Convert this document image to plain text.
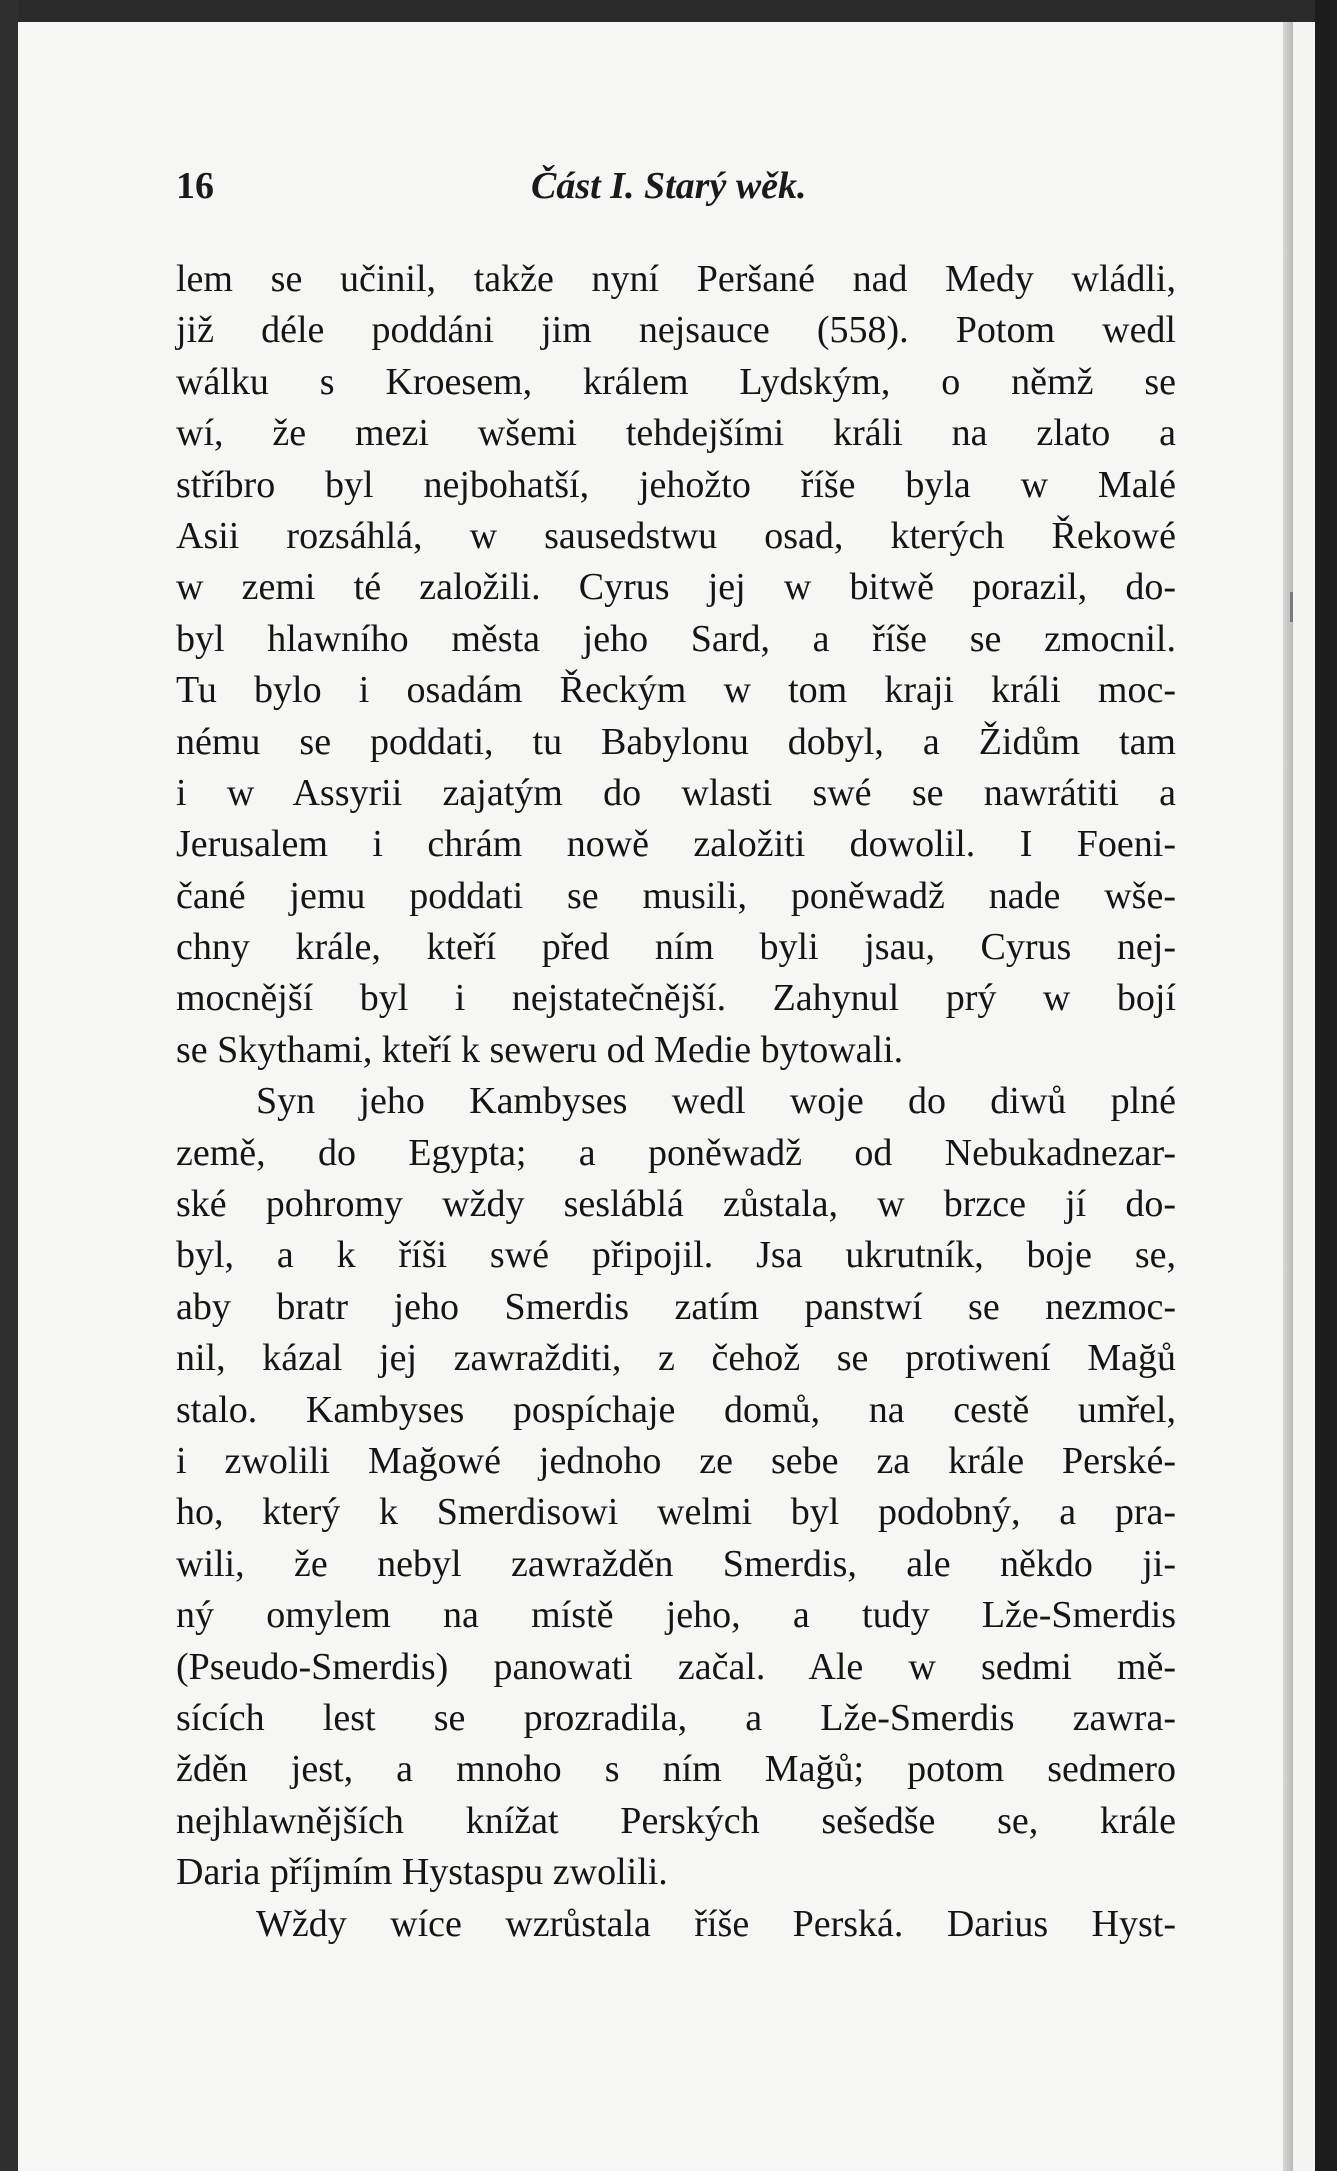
16	Část I. Starý wěk.
lem se učinil, takže nyní Peršané nad Medy wládli,
již déle poddáni jim nejsauce (558). Potom wedl
wálku s Kroesem, králem Lydským, o němž se
wí, že mezi wšemi tehdejšími králi na zlato a
stříbro byl nejbohatší, jehožto říše byla w Malé
Asii rozsáhlá, w sausedstwu osad, kterých Řekowé
w zemi té založili. Cyrus jej w bitwě porazil, do-
byl hlawního města jeho Sard, a říše se zmocnil.
Tu bylo i osadám Řeckým w tom kraji králi moc-
nému se poddati, tu Babylonu dobyl, a Židům tam
i w Assyrii zajatým do wlasti swé se nawrátiti a
Jerusalem i chrám nowě založiti dowolil. I Foeni-
čané jemu poddati se musili, poněwadž nade wše-
chny krále, kteří před ním byli jsau, Cyrus nej-
mocnější byl i nejstatečnější. Zahynul prý w bojí
se Skythami, kteří k sewеru od Medie bytowali.
Syn jeho Kambyses wedl woje do diwů plné
země, do Egypta; a poněwadž od Nebukadnezar-
ské pohromy wždy sesláblá zůstala, w brzce jí do-
byl, a k říši swé připojil. Jsa ukrutník, boje se,
aby bratr jeho Smerdis zatím panstwí se nezmoc-
nil, kázal jej zawražditi, z čehož se protiwení Mağů
stalo. Kambyses pospíchaje domů, na cestě umřel,
i zwolili Mağowé jednoho ze sebe za krále Perské-
ho, který k Smerdisowi welmi byl podobný, a pra-
wili, že nebyl zawražděn Smerdis, ale někdo ji-
ný omylem na místě jeho, a tudy Lže-Smerdis
(Pseudo-Smerdis) panowati začal. Ale w sedmi mě-
sících lest se prozradila, a Lže-Smerdis zawra-
žděn jest, a mnoho s ním Mağů; potom sedmero
nejhlawnějších knížat Perských sešedše se, krále
Daria příjmím Hystaspu zwolili.
Wždy wíce wzrůstala říše Perská. Darius Hyst-
